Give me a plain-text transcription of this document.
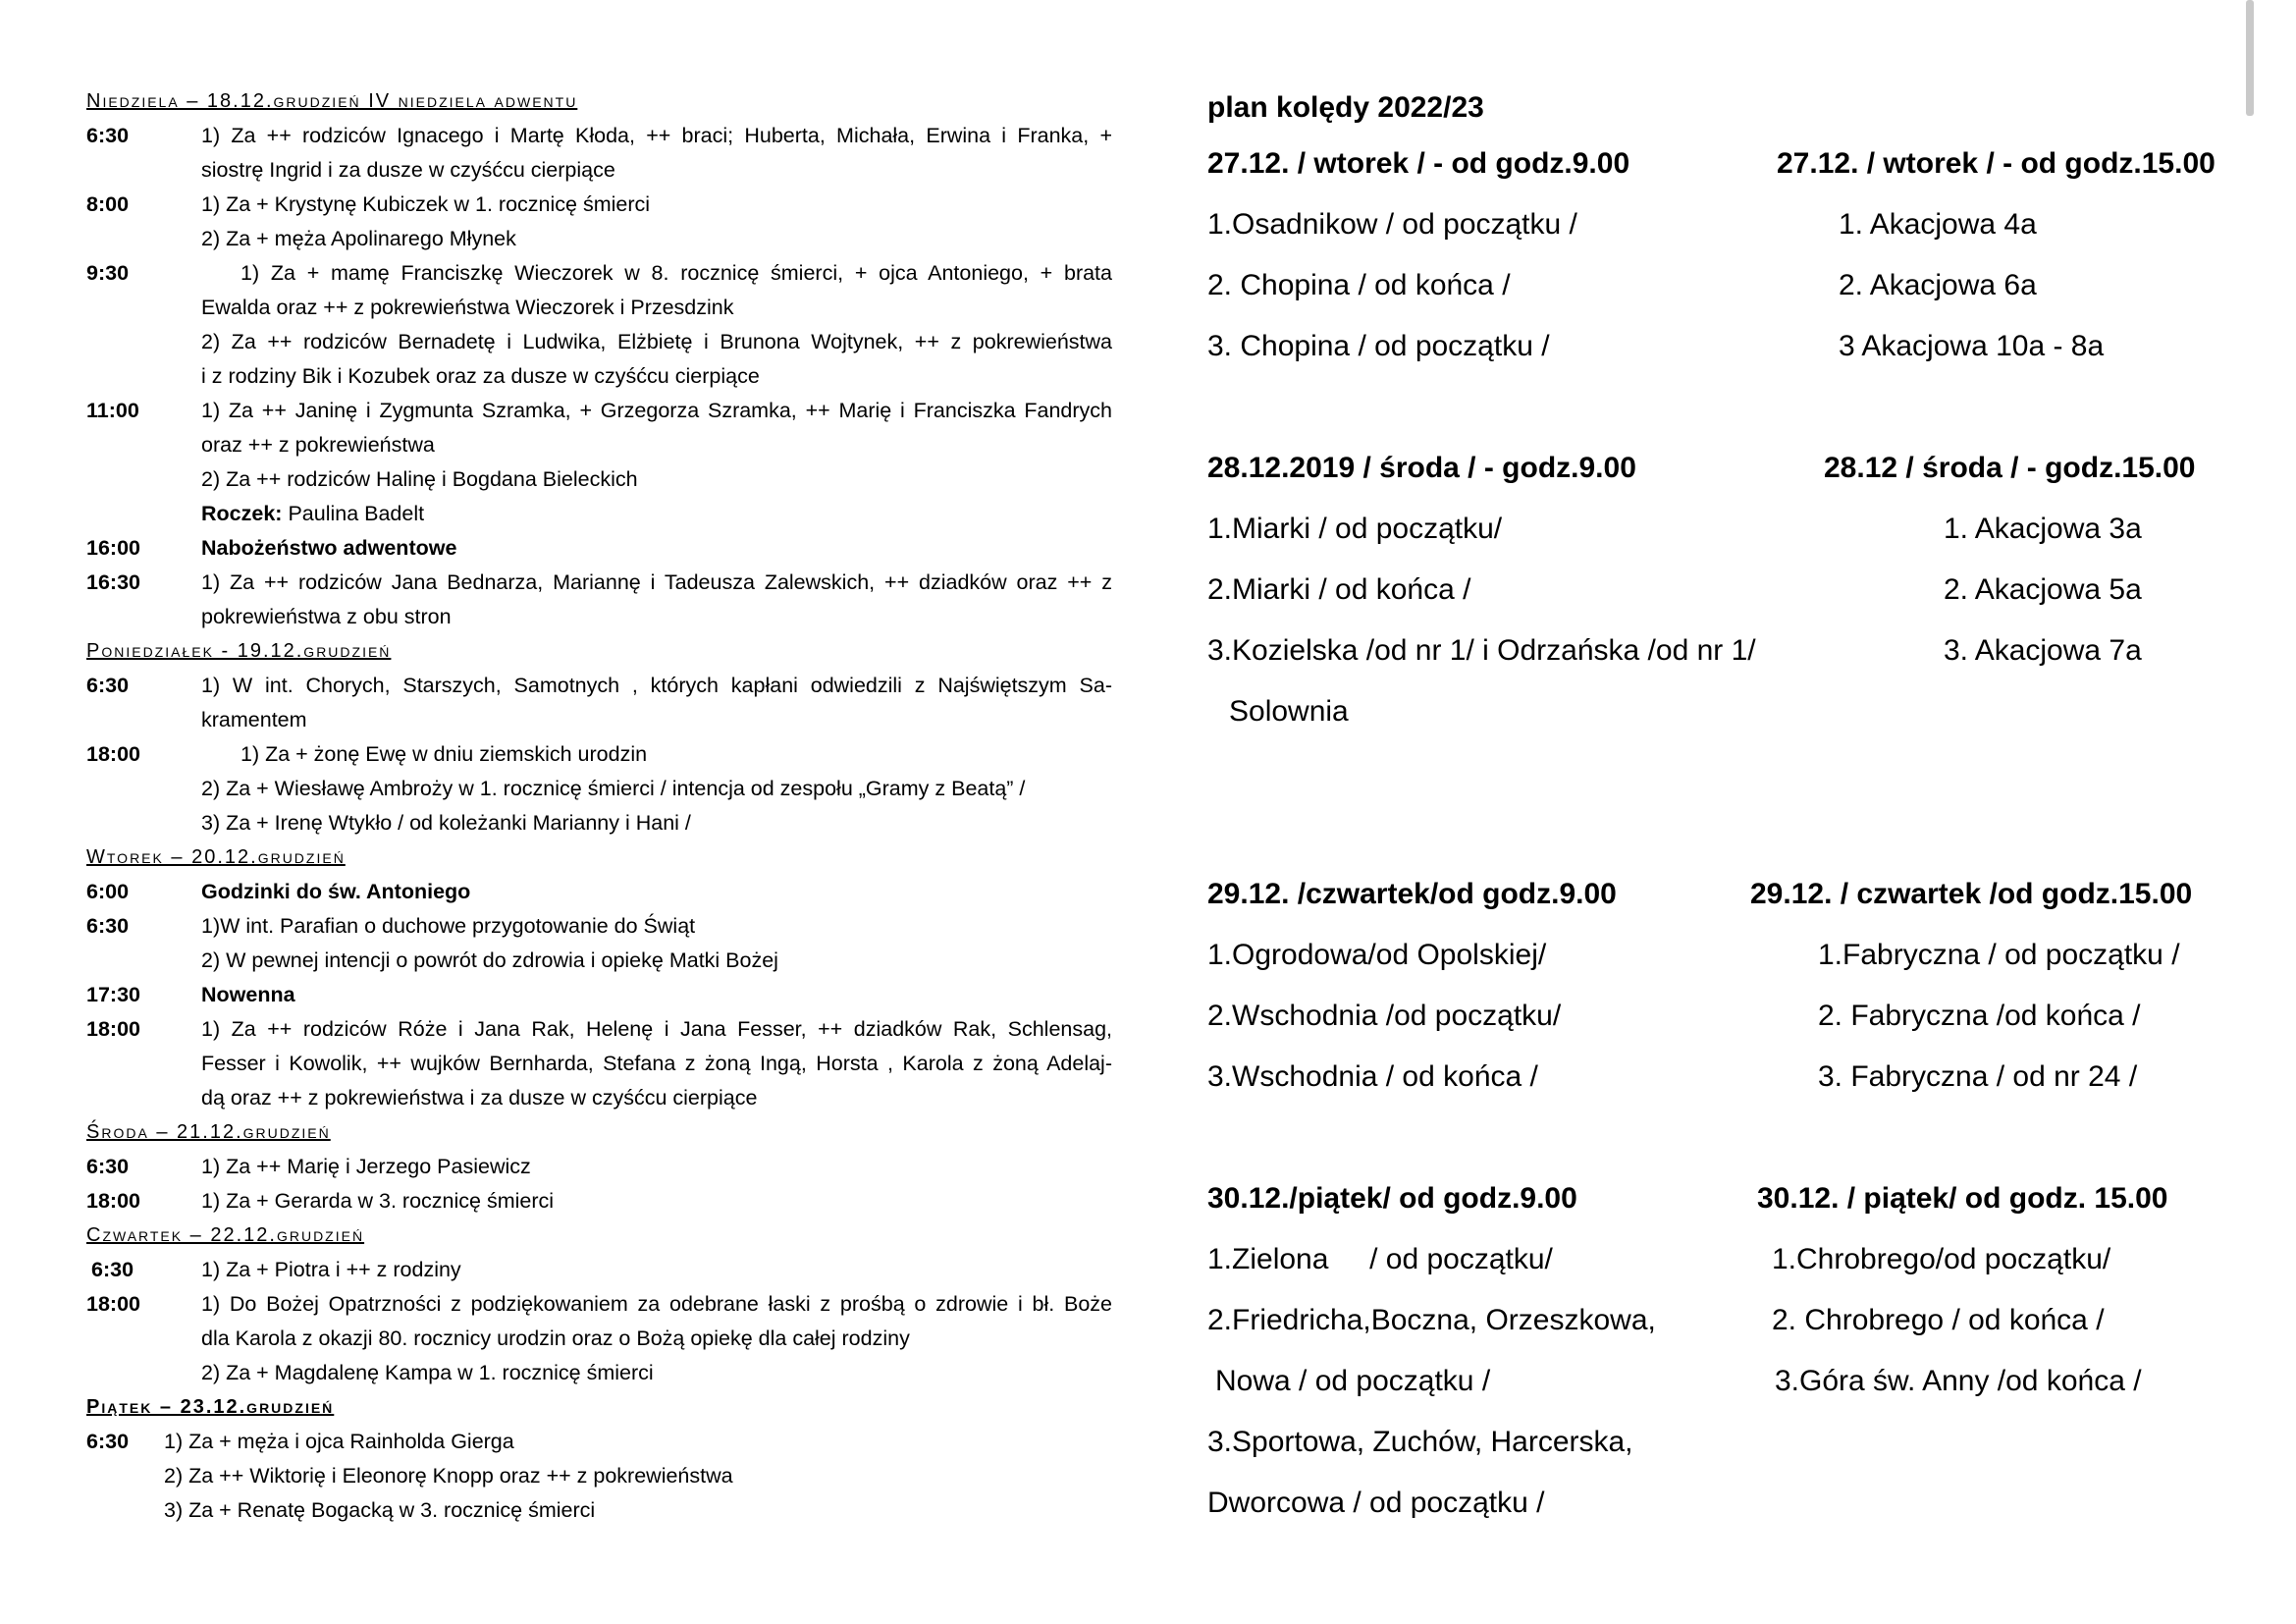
Niedziela – 18.12.grudzień IV niedziela adwentu
6:30	1) Za ++ rodziców Ignacego i Martę Kłoda, ++ braci; Huberta, Michała, Erwina i Franka, +
siostrę Ingrid i za dusze w czyśćcu cierpiące
8:00	1) Za + Krystynę Kubiczek w 1. rocznicę śmierci
2) Za + męża Apolinarego Młynek
9:30	1) Za + mamę Franciszkę Wieczorek w 8. rocznicę śmierci, + ojca Antoniego, + brata
Ewalda oraz ++ z pokrewieństwa Wieczorek i Przesdzink
2) Za ++ rodziców Bernadetę i Ludwika, Elżbietę i Brunona Wojtynek, ++ z pokrewieństwa
i z rodziny Bik i Kozubek oraz za dusze w czyśćcu cierpiące
11:00	1) Za ++ Janinę i Zygmunta Szramka, + Grzegorza Szramka, ++ Marię i Franciszka Fandrych
oraz ++ z pokrewieństwa
2) Za ++ rodziców Halinę i Bogdana Bieleckich
Roczek: Paulina Badelt
16:00	Nabożeństwo adwentowe
16:30	1) Za ++ rodziców Jana Bednarza, Mariannę i Tadeusza Zalewskich, ++ dziadków oraz ++ z
pokrewieństwa z obu stron
Poniedziałek - 19.12.grudzień
6:30	1) W int. Chorych, Starszych, Samotnych , których kapłani odwiedzili z Najświętszym Sa-
kramentem
18:00	1) Za + żonę Ewę w dniu ziemskich urodzin
2) Za + Wiesławę Ambroży w 1. rocznicę śmierci / intencja od zespołu „Gramy z Beatą” /
3) Za + Irenę Wtykło / od koleżanki Marianny i Hani /
Wtorek – 20.12.grudzień
6:00	Godzinki do św. Antoniego
6:30	1)W int. Parafian o duchowe przygotowanie do Świąt
2) W pewnej intencji o powrót do zdrowia i opiekę Matki Bożej
17:30	Nowenna
18:00	1) Za ++ rodziców Róże i Jana Rak, Helenę i Jana Fesser, ++ dziadków Rak, Schlensag,
Fesser i Kowolik, ++ wujków Bernharda, Stefana z żoną Ingą, Horsta , Karola z żoną Adelaj-
dą oraz ++ z pokrewieństwa i za dusze w czyśćcu cierpiące
Środa – 21.12.grudzień
6:30	1) Za ++ Marię i Jerzego Pasiewicz
18:00	1) Za + Gerarda w 3. rocznicę śmierci
Czwartek – 22.12.grudzień
6:30	1) Za + Piotra i ++ z rodziny
18:00	1) Do Bożej Opatrzności z podziękowaniem za odebrane łaski z prośbą o zdrowie i bł. Boże
dla Karola z okazji 80. rocznicy urodzin oraz o Bożą opiekę dla całej rodziny
2) Za + Magdalenę Kampa w 1. rocznicę śmierci
Piątek – 23.12.grudzień
6:30 1) Za + męża i ojca Rainholda Gierga
2) Za ++ Wiktorię i Eleonorę Knopp oraz ++ z pokrewieństwa
3) Za + Renatę Bogacką w 3. rocznicę śmierci
plan kolędy 2022/23
27.12. / wtorek / - od godz.9.00	27.12. / wtorek / - od godz.15.00
1.Osadnikow / od początku /	1. Akacjowa 4a
2. Chopina / od końca /	2. Akacjowa 6a
3. Chopina / od początku /	3 Akacjowa 10a - 8a
28.12.2019 / środa / - godz.9.00	28.12 / środa / - godz.15.00
1.Miarki / od początku/	1. Akacjowa 3a
2.Miarki / od końca /	2. Akacjowa 5a
3.Kozielska /od nr 1/ i Odrzańska /od nr 1/	3. Akacjowa 7a
Solownia
29.12. /czwartek/od godz.9.00	29.12. / czwartek /od godz.15.00
1.Ogrodowa/od Opolskiej/	1.Fabryczna / od początku /
2.Wschodnia /od początku/	2. Fabryczna /od końca /
3.Wschodnia / od końca /	3. Fabryczna / od nr 24 /
30.12./piątek/ od godz.9.00	30.12. / piątek/ od godz. 15.00
1.Zielona     / od początku/	1.Chrobrego/od początku/
2.Friedricha,Boczna, Orzeszkowa,	2. Chrobrego / od końca /
Nowa / od początku /	3.Góra św. Anny /od końca /
3.Sportowa, Zuchów, Harcerska,
Dworcowa / od początku /
